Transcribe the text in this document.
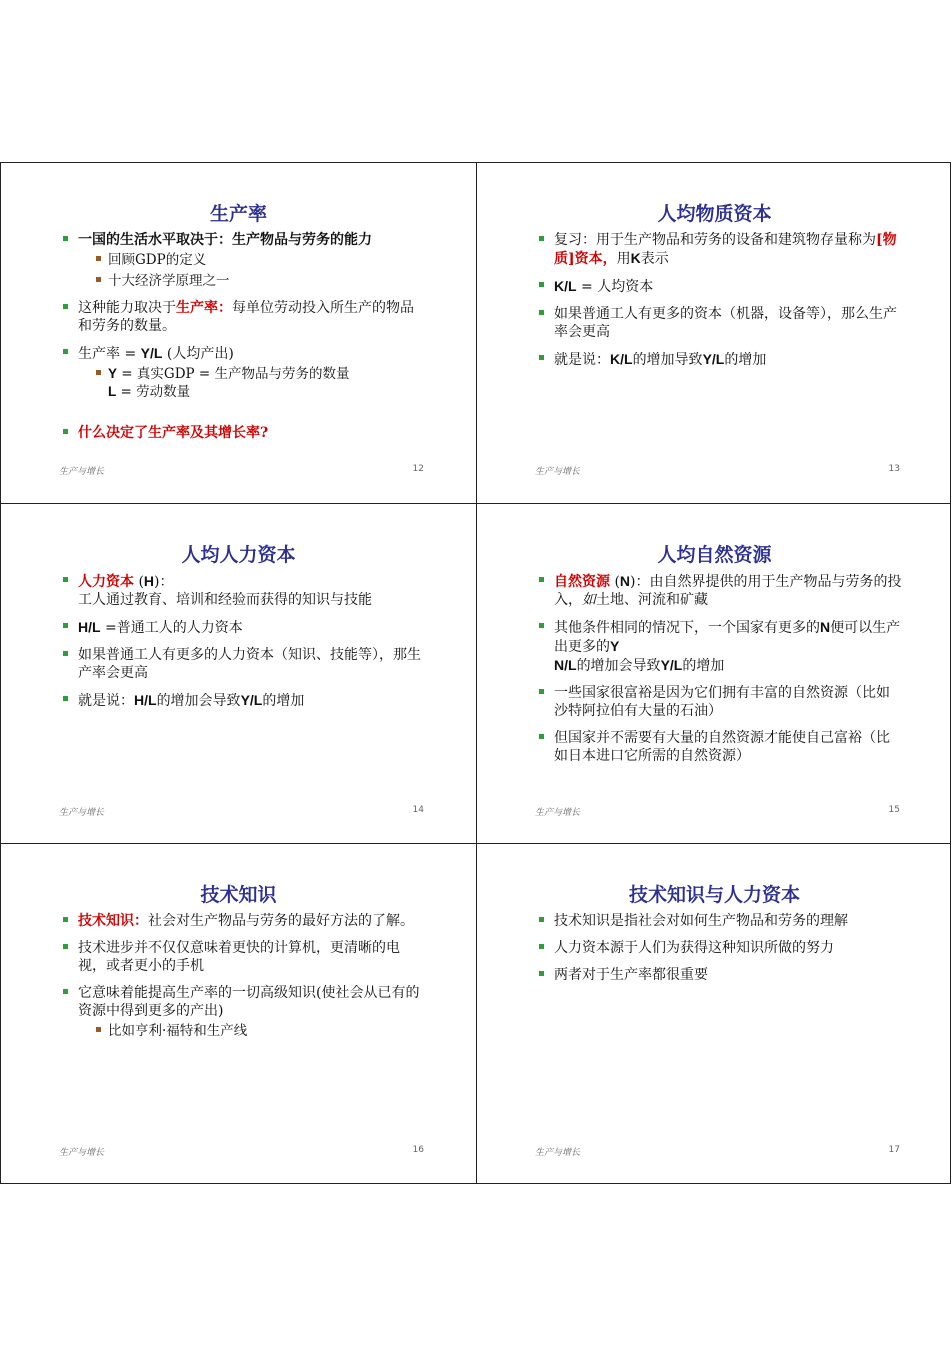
生产率
一国的生活水平取决于：生产物品与劳务的能力
回顾GDP的定义
十大经济学原理之一
这种能力取决于生产率：每单位劳动投入所生产的物品和劳务的数量。
生产率 = Y/L (人均产出)
Y = 真实GDP = 生产物品与劳务的数量
L = 劳动数量
什么决定了生产率及其增长率?
生产与增长	12
人均物质资本
复习：用于生产物品和劳务的设备和建筑物存量称为[物质]资本，用K表示
K/L = 人均资本
如果普通工人有更多的资本（机器，设备等），那么生产率会更高
就是说：K/L的增加导致Y/L的增加
生产与增长	13
人均人力资本
人力资本 (H)：
工人通过教育、培训和经验而获得的知识与技能
H/L =普通工人的人力资本
如果普通工人有更多的人力资本（知识、技能等），那生产率会更高
就是说：H/L的增加会导致Y/L的增加
生产与增长	14
人均自然资源
自然资源 (N)：由自然界提供的用于生产物品与劳务的投入，如土地、河流和矿藏
其他条件相同的情况下，一个国家有更多的N便可以生产出更多的Y
N/L的增加会导致Y/L的增加
一些国家很富裕是因为它们拥有丰富的自然资源（比如沙特阿拉伯有大量的石油）
但国家并不需要有大量的自然资源才能使自己富裕（比如日本进口它所需的自然资源）
生产与增长	15
技术知识
技术知识：社会对生产物品与劳务的最好方法的了解。
技术进步并不仅仅意味着更快的计算机，更清晰的电视，或者更小的手机
它意味着能提高生产率的一切高级知识(使社会从已有的资源中得到更多的产出)
比如亨利·福特和生产线
生产与增长	16
技术知识与人力资本
技术知识是指社会对如何生产物品和劳务的理解
人力资本源于人们为获得这种知识所做的努力
两者对于生产率都很重要
生产与增长	17
